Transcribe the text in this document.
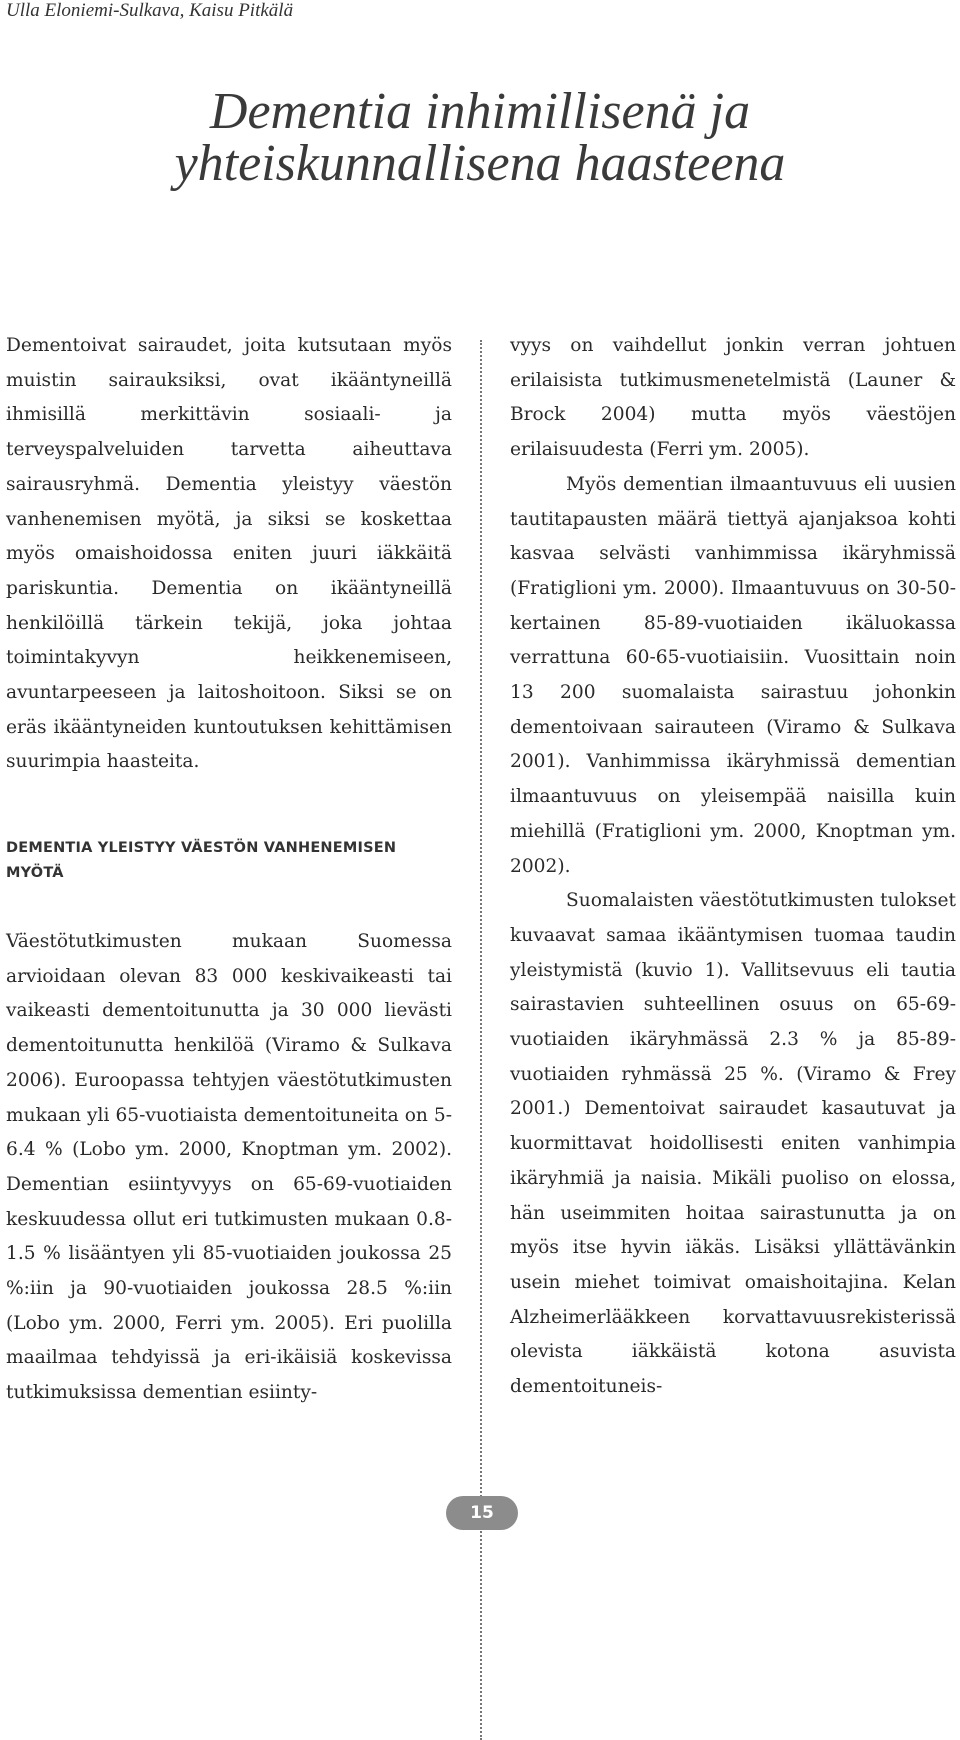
Ulla Eloniemi-Sulkava, Kaisu Pitkälä
Dementia inhimillisenä ja
yhteiskunnallisena haasteena

Dementoivat sairaudet, joita kutsutaan myös muistin sairauksiksi, ovat ikääntyneillä ihmisillä merkittävin sosiaali- ja terveyspalveluiden tarvetta aiheuttava sairausryhmä. Dementia yleistyy väestön vanhenemisen myötä, ja siksi se koskettaa myös omaishoidossa eniten juuri iäkkäitä pariskuntia. Dementia on ikääntyneillä henkilöillä tärkein tekijä, joka johtaa toimintakyvyn heikkenemiseen, avuntarpeeseen ja laitoshoitoon. Siksi se on eräs ikääntyneiden kuntoutuksen kehittämisen suurimpia haasteita.

DEMENTIA YLEISTYY VÄESTÖN VANHENEMISEN MYÖTÄ

Väestötutkimusten mukaan Suomessa arvioidaan olevan 83 000 keskivaikeasti tai vaikeasti dementoitunutta ja 30 000 lievästi dementoitunutta henkilöä (Viramo & Sulkava 2006). Euroopassa tehtyjen väestötutkimusten mukaan yli 65-vuotiaista dementoituneita on 5-6.4 % (Lobo ym. 2000, Knoptman ym. 2002). Dementian esiintyvyys on 65-69-vuotiaiden keskuudessa ollut eri tutkimusten mukaan 0.8-1.5 % lisääntyen yli 85-vuotiaiden joukossa 25 %:iin ja 90-vuotiaiden joukossa 28.5 %:iin (Lobo ym. 2000, Ferri ym. 2005). Eri puolilla maailmaa tehdyissä ja eri-ikäisiä koskevissa tutkimuksissa dementian esiinty-

vyys on vaihdellut jonkin verran johtuen erilaisista tutkimusmenetelmistä (Launer & Brock 2004) mutta myös väestöjen erilaisuudesta (Ferri ym. 2005).

Myös dementian ilmaantuvuus eli uusien tautitapausten määrä tiettyä ajanjaksoa kohti kasvaa selvästi vanhimmissa ikäryhmissä (Fratiglioni ym. 2000). Ilmaantuvuus on 30-50-kertainen 85-89-vuotiaiden ikäluokassa verrattuna 60-65-vuotiaisiin. Vuosittain noin 13 200 suomalaista sairastuu johonkin dementoivaan sairauteen (Viramo & Sulkava 2001). Vanhimmissa ikäryhmissä dementian ilmaantuvuus on yleisempää naisilla kuin miehillä (Fratiglioni ym. 2000, Knoptman ym. 2002).

Suomalaisten väestötutkimusten tulokset kuvaavat samaa ikääntymisen tuomaa taudin yleistymistä (kuvio 1). Vallitsevuus eli tautia sairastavien suhteellinen osuus on 65-69-vuotiaiden ikäryhmässä 2.3 % ja 85-89-vuotiaiden ryhmässä 25 %. (Viramo & Frey 2001.) Dementoivat sairaudet kasautuvat ja kuormittavat hoidollisesti eniten vanhimpia ikäryhmiä ja naisia. Mikäli puoliso on elossa, hän useimmiten hoitaa sairastunutta ja on myös itse hyvin iäkäs. Lisäksi yllättävänkin usein miehet toimivat omaishoitajina. Kelan Alzheimerlääkkeen korvattavuusrekisterissä olevista iäkkäistä kotona asuvista dementoituneis-

15
